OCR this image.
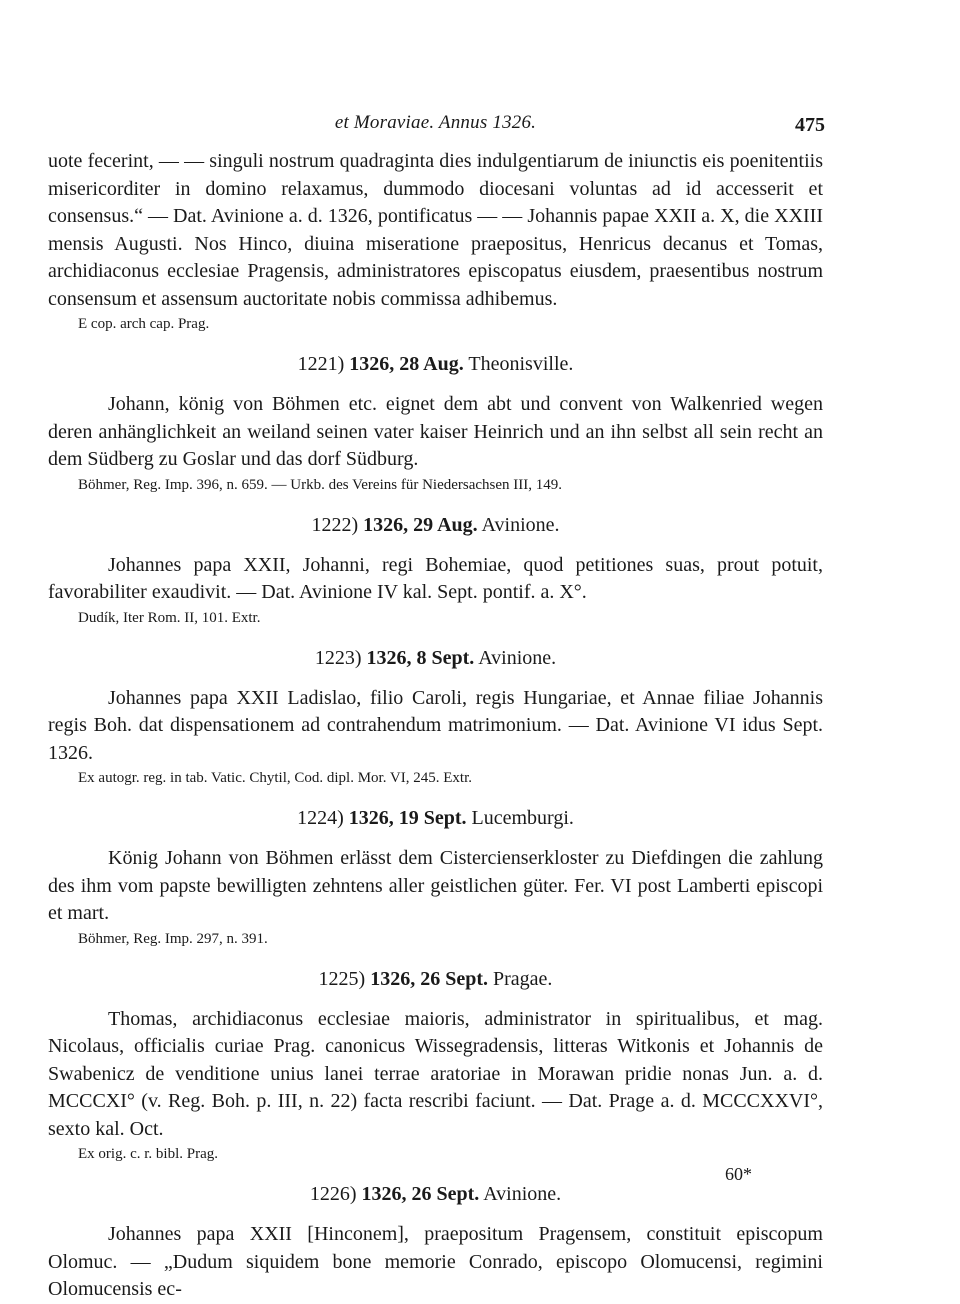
et Moraviae. Annus 1326.	475

uote fecerint, — — singuli nostrum quadraginta dies indulgentiarum de iniunctis eis poenitentiis misericorditer in domino relaxamus, dummodo diocesani voluntas ad id accesserit et consensus.“ — Dat. Avinione a. d. 1326, pontificatus — — Johannis papae XXII a. X, die XXIII mensis Augusti. Nos Hinco, diuina miseratione praepositus, Henricus decanus et Tomas, archidiaconus ecclesiae Pragensis, administratores episcopatus eiusdem, praesentibus nostrum consensum et assensum auctoritate nobis commissa adhibemus.

E cop. arch cap. Prag.

1221) 1326, 28 Aug. Theonisville.

Johann, könig von Böhmen etc. eignet dem abt und convent von Walkenried wegen deren anhänglichkeit an weiland seinen vater kaiser Heinrich und an ihn selbst all sein recht an dem Südberg zu Goslar und das dorf Südburg.

Böhmer, Reg. Imp. 396, n. 659. — Urkb. des Vereins für Niedersachsen III, 149.

1222) 1326, 29 Aug. Avinione.

Johannes papa XXII, Johanni, regi Bohemiae, quod petitiones suas, prout potuit, favorabiliter exaudivit. — Dat. Avinione IV kal. Sept. pontif. a. X°.

Dudík, Iter Rom. II, 101. Extr.

1223) 1326, 8 Sept. Avinione.

Johannes papa XXII Ladislao, filio Caroli, regis Hungariae, et Annae filiae Johannis regis Boh. dat dispensationem ad contrahendum matrimonium. — Dat. Avinione VI idus Sept. 1326.

Ex autogr. reg. in tab. Vatic. Chytil, Cod. dipl. Mor. VI, 245. Extr.

1224) 1326, 19 Sept. Lucemburgi.

König Johann von Böhmen erlässt dem Cistercienserkloster zu Diefdingen die zahlung des ihm vom papste bewilligten zehntens aller geistlichen güter. Fer. VI post Lamberti episcopi et mart.

Böhmer, Reg. Imp. 297, n. 391.

1225) 1326, 26 Sept. Pragae.

Thomas, archidiaconus ecclesiae maioris, administrator in spiritualibus, et mag. Nicolaus, officialis curiae Prag. canonicus Wissegradensis, litteras Witkonis et Johannis de Swabenicz de venditione unius lanei terrae aratoriae in Morawan pridie nonas Jun. a. d. MCCCXI° (v. Reg. Boh. p. III, n. 22) facta rescribi faciunt. — Dat. Prage a. d. MCCCXXVI°, sexto kal. Oct.

Ex orig. c. r. bibl. Prag.

1226) 1326, 26 Sept. Avinione.

Johannes papa XXII [Hinconem], praepositum Pragensem, constituit episcopum Olomuc. — „Dudum siquidem bone memorie Conrado, episcopo Olomucensi, regimini Olomucensis ec-

60*
